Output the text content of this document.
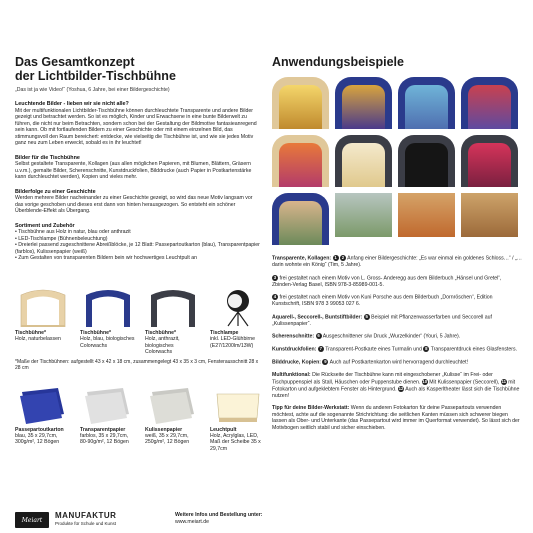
Das Gesamtkonzept
der Lichtbilder-Tischbühne
„Das ist ja wie Video!“ (Yoshua, 6 Jahre, bei einer Bildergeschichte)
Leuchtende Bilder - lieben wir sie nicht alle?

Mit der multifunktionalen Lichtbilder-Tischbühne können durchleuchtete Transparente und andere Bilder gezeigt und betrachtet werden. So ist es möglich, Kinder und Erwachsene in eine bunte Bilderwelt zu führen, die nicht nur beim Betrachten, sondern schon bei der Gestaltung der Bildmotive fantasieanregend sein kann. Ob mit fortlaufenden Bildern zu einer Geschichte oder mit einem einzelnen Bild, das stimmungsvoll den Raum bereichert: entdecke, wie vielseitig die Tischbühne ist, und wie sie jedes Motiv ganz neu zum Leben erweckt, sobald es in ihr leuchtet!

Bilder für die Tischbühne

Selbst gestaltete Transparente, Kollagen (aus allen möglichen Papieren, mit Blumen, Blättern, Gräsern u.v.m.), gemalte Bilder, Scherenschnitte, Kunstdruckfolien, Bilddrucke (auch Papier in Postkartenstärke kann durchleuchtet werden), Kopien und vieles mehr.

Bilderfolge zu einer Geschichte

Werden mehrere Bilder nacheinander zu einer Geschichte gezeigt, so wird das neue Motiv langsam vor das vorige geschoben und dieses erst dann von hinten herausgezogen. So entsteht ein schöner Überblende-Effekt als Übergang.

Sortiment und Zubehör
• Tischbühne aus Holz in natur, blau oder anthrazit
• LED-Tischlampe (Bühnenbeleuchtung)
• Dreierlei passend zugeschnittene Abreißblöcke, je 12 Blatt: Passepartoutkarton (blau), Transparentpapier (farblos), Kulissenpapier (weiß)
• Zum Gestalten von transparenten Bildern bein wir hochwertiges Leuchtpult an
Tischbühne*
Holz, naturbelassen
Tischbühne*
Holz, blau, biologisches Colorwachs
Tischbühne*
Holz, anthrazit, biologisches Colorwachs
Tischlampe
inkl. LED-Glühbirne (E27/1200lm/13W)
*Maße der Tischbühnen: aufgestellt 43 x 42 x 18 cm, zusammengelegt 43 x 35 x 3 cm, Fensterausschnitt 28 x 28 cm
Passepartoutkarton
blau, 35 x 29,7cm, 300g/m², 12 Bögen
Transparentpapier
farblos, 35 x 29,7cm, 80-90g/m², 12 Bögen
Kulissenpapier
weiß, 35 x 29,7cm, 250g/m², 12 Bögen
Leuchtpult
Holz, Acrylglas, LED, Maß der Scheibe 35 x 29,7cm
Meiart	MANUFAKTUR
Produkte für Schule und Kunst
Weitere Infos und Bestellung unter:
www.meiart.de
Anwendungsbeispiele

Transparente, Kollagen: 1 2 Anfang einer Bildergeschichte: „Es war einmal ein goldenes Schloss…“ / „… darin wohnte ein König“ (Tim, 5 Jahre).

3 frei gestaltet nach einem Motiv von L. Gross- Anderegg aus dem Bilderbuch „Hänsel und Gretel“, Zbinden-Verlag Basel, ISBN 978-3-85989-001-5.

4 frei gestaltet nach einem Motiv von Kuni Porsche aus dem Bilderbuch „Dornröschen“, Edition Kunstschrift, ISBN 978 3 99053 027 6.

Aquarell-, Seccorell-, Buntstiftbilder: 5 Beispiel mit Pflanzenwasserfarben und Seccorell auf „Kulissenpapier“.

Scherenschnitte: 6 Ausgeschnittener s/w Druck „Wurzelkinder“ (Youri, 5 Jahre).

Kunstdruckfolien: 7 Transparent-Postkarte eines Turmalin und 8 Transparentdruck eines Glasfensters.

Bilddrucke, Kopien: 9 Auch auf Postkartenkarton wird hervorragend durchleuchtet!

Multifunktional: Die Rückseite der Tischbühne kann mit eingeschobener „Kulisse“ im Frei- oder Tischpuppenspiel als Stall, Häuschen oder Puppenstube dienen. 10 Mit Kulissenpapier (Seccorell), 11 mit Fotokarton und aufgeklebtem Fenster als Hintergrund. 12 Auch als Kasperltheater lässt sich die Tischbühne nutzen!

Tipp für deine Bilder-Werkstatt: Wenn du anderen Fotokarton für deine Passepartouts verwenden möchtest, achte auf die sogenannte Strichrichtung: die seitlichen Kanten müssen sich schwerer biegen lassen als Ober- und Unterkante (das Passepartout wird immer im Querformat verwendet). So lässt sich der Motivbogen seitlich stabil und sicher einschieben.
